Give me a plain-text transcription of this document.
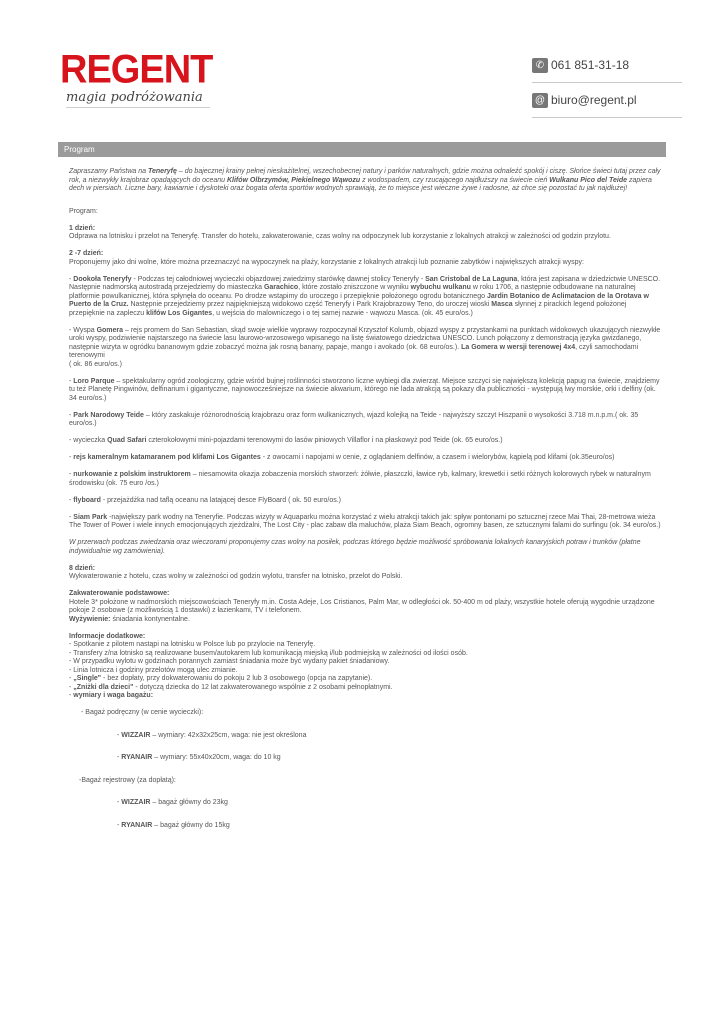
REGENT
magia podróżowania
✆ 061 851-31-18
@ biuro@regent.pl
Program

Zapraszamy Państwa na Teneryfę – do bajecznej krainy pełnej nieskażitelnej, wszechobecnej natury i parków naturalnych, gdzie można odnaleźć spokój i ciszę. Słońce świeci tutaj przez cały rok, a niezwykły krajobraz opadających do oceanu Klifów Olbrzymów, Piekielnego Wąwozu z wodospadem, czy rzucającego najdłuższy na świecie cień Wulkanu Pico del Teide zapiera dech w piersiach. Liczne bary, kawiarnie i dyskoteki oraz bogata oferta sportów wodnych sprawiają, że to miejsce jest wieczne żywe i radosne, aż chce się pozostać tu jak najdłużej!

Program:

1 dzień:

Odprawa na lotnisku i przelot na Teneryfę. Transfer do hotelu, zakwaterowanie, czas wolny na odpoczynek lub korzystanie z lokalnych atrakcji w zależności od godzin przylotu.

2 -7 dzień:

Proponujemy jako dni wolne, które można przeznaczyć na wypoczynek na plaży, korzystanie z lokalnych atrakcji lub poznanie zabytków i największych atrakcji wyspy:

- Dookoła Teneryfy - Podczas tej całodniowej wycieczki objazdowej zwiedzimy starówkę dawnej stolicy Teneryfy - San Cristobal de La Laguna, która jest zapisana w dziedzictwie UNESCO. Następnie nadmorską autostradą przejedziemy do miasteczka Garachico, które zostało zniszczone w wyniku wybuchu wulkanu w roku 1706, a następnie odbudowane na naturalnej platformie powulkanicznej, która spłynęła do oceanu. Po drodze wstąpimy do uroczego i przepięknie położonego ogrodu botanicznego Jardin Botanico de Aclimatacion de la Orotava w Puerto de la Cruz. Następnie przejedziemy przez najpiękniejszą widokowo część Teneryfy i Park Krajobrazowy Teno, do uroczej wioski Masca słynnej z pirackich legend położonej przepięknie na zapleczu klifów Los Gigantes, u wejścia do malowniczego i o tej samej nazwie - wąwozu Masca. (ok. 45 euro/os.)

- Wyspa Gomera – rejs promem do San Sebastian, skąd swoje wielkie wyprawy rozpoczynał Krzysztof Kolumb, objazd wyspy z przystankami na punktach widokowych ukazujących niezwykłe uroki wyspy, podziwienie najstarszego na świecie lasu laurowo-wrzosowego wpisanego na listę światowego dziedzictwa UNESCO. Lunch połączony z demonstracją języka gwizdanego, następnie wizyta w ogródku bananowym gdzie zobaczyć można jak rosną banany, papaje, mango i avokado (ok. 68 euro/os.). La Gomera w wersji terenowej 4x4, czyli samochodami terenowymi
( ok. 86 euro/os.)

- Loro Parque – spektakularny ogród zoologiczny, gdzie wśród bujnej roślinności stworzono liczne wybiegi dla zwierząt. Miejsce szczyci się największą kolekcją papug na świecie, znajdziemy tu też Planetę Pingwinów, delfinarium i gigantyczne, najnowocześniejsze na świecie akwarium, którego nie lada atrakcją są pokazy dla publiczności - występują lwy morskie, orki i delfiny (ok. 34 euro/os.)

- Park Narodowy Teide – który zaskakuje różnorodnością krajobrazu oraz form wulkanicznych, wjazd kolejką na Teide - najwyższy szczyt Hiszpanii o wysokości 3.718 m.n.p.m.( ok. 35 euro/os.)

- wycieczka Quad Safari czterokołowymi mini-pojazdami terenowymi do lasów piniowych Villaflor i na płaskowyż pod Teide (ok. 65 euro/os.)

- rejs kameralnym katamaranem pod klifami Los Gigantes - z owocami i napojami w cenie, z oglądaniem delfinów, a czasem i wielorybów, kąpielą pod klifami (ok.35euro/os)

- nurkowanie z polskim instruktorem – niesamowita okazja zobaczenia morskich stworzeń: żółwie, płaszczki, ławice ryb, kalmary, krewetki i setki różnych kolorowych rybek w naturalnym środowisku (ok. 75 euro /os.)

- flyboard - przejażdżka nad taflą oceanu na latającej desce FlyBoard ( ok. 50 euro/os.)

- Siam Park -największy park wodny na Teneryfie. Podczas wizyty w Aquaparku można korzystać z wielu atrakcji takich jak: spływ pontonami po sztucznej rzece Mai Thai, 28-metrowa wieża The Tower of Power i wiele innych emocjonujących zjeżdżalni, The Lost City - plac zabaw dla maluchów, plaża Siam Beach, ogromny basen, ze sztucznymi falami do surfingu (ok. 34 euro/os.)

W przerwach podczas zwiedzania oraz wieczorami proponujemy czas wolny na posiłek, podczas którego będzie możliwość spróbowania lokalnych kanaryjskich potraw i trunków (płatne indywidualnie wg zamówienia).

8 dzień:

Wykwaterowanie z hotelu, czas wolny w zależności od godzin wylotu, transfer na lotnisko, przelot do Polski.

Zakwaterowanie podstawowe:

Hotele 3* położone w nadmorskich miejscowościach Teneryfy m.in. Costa Adeje, Los Cristianos, Palm Mar, w odległości ok. 50-400 m od plaży, wszystkie hotele oferują wygodnie urządzone pokoje 2 osobowe (z możliwością 1 dostawki) z łazienkami, TV i telefonem.

Wyżywienie: śniadania kontynentalne.

Informacje dodatkowe:

- Spotkanie z pilotem nastąpi na lotnisku w Polsce lub po przylocie na Teneryfę.

- Transfery z/na lotnisko są realizowane busem/autokarem lub komunikacją miejską i/lub podmiejską w zależności od ilości osób.

- W przypadku wylotu w godzinach porannych zamiast śniadania może być wydany pakiet śniadaniowy.

- Linia lotnicza i godziny przelotów mogą ulec zmianie.

- „Single" - bez dopłaty, przy dokwaterowaniu do pokoju 2 lub 3 osobowego (opcja na zapytanie).

- „Zniżki dla dzieci" - dotyczą dziecka do 12 lat zakwaterowanego wspólnie z 2 osobami pełnopłatnymi.

- wymiary i waga bagażu:

- Bagaż podręczny (w cenie wycieczki):

- WIZZAIR – wymiary: 42x32x25cm, waga: nie jest określona

- RYANAIR – wymiary: 55x40x20cm, waga: do 10 kg

-Bagaż rejestrowy (za dopłatą):

- WIZZAIR – bagaż główny do 23kg

- RYANAIR – bagaż główny do 15kg
